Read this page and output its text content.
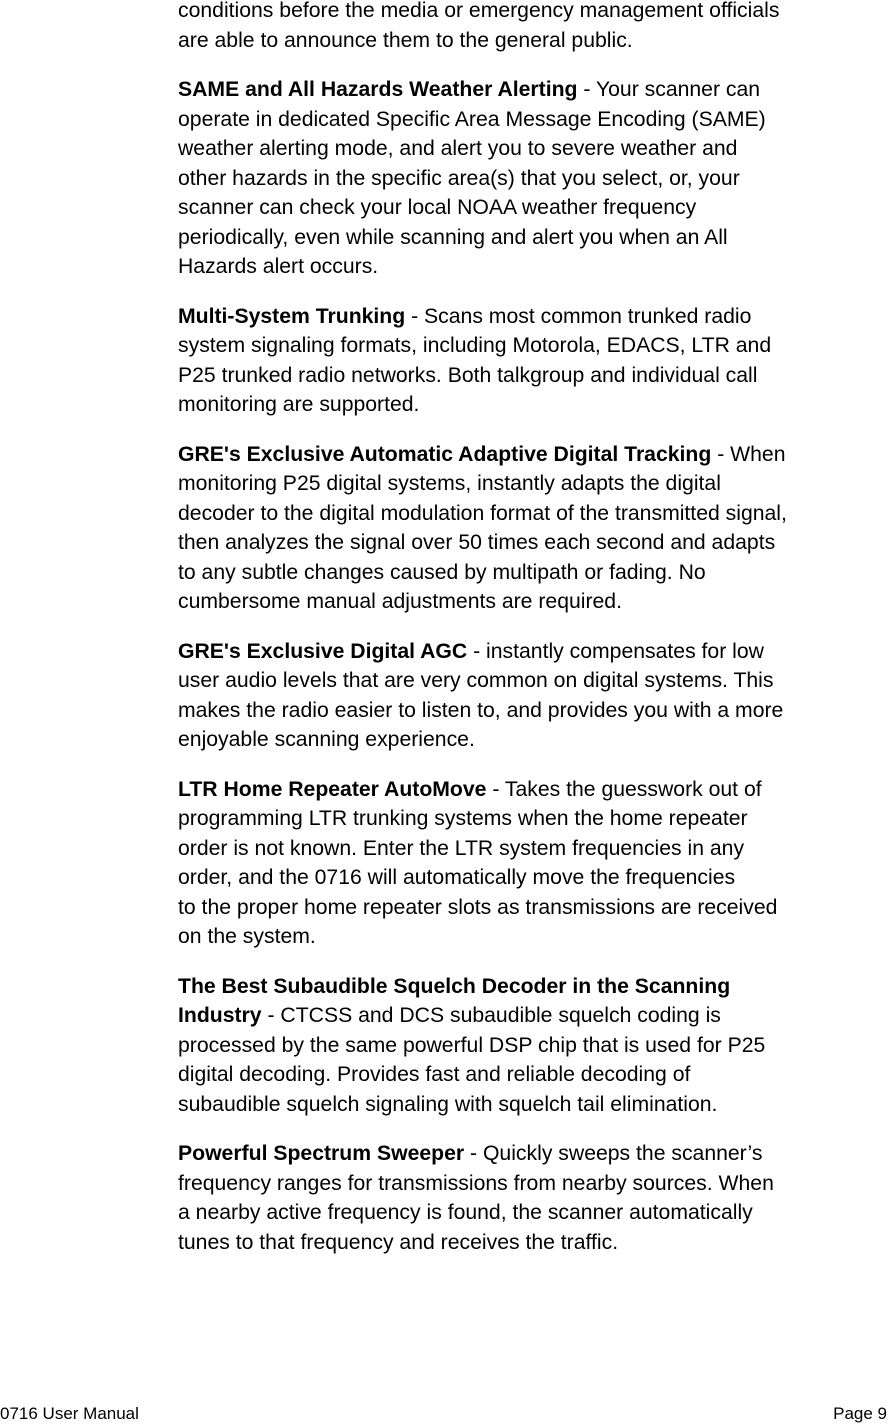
conditions before the media or emergency management officials
are able to announce them to the general public.

SAME and All Hazards Weather Alerting - Your scanner can
operate in dedicated Specific Area Message Encoding (SAME)
weather alerting mode, and alert you to severe weather and
other hazards in the specific area(s) that you select, or, your
scanner can check your local NOAA weather frequency
periodically, even while scanning and alert you when an All
Hazards alert occurs.

Multi-System Trunking - Scans most common trunked radio
system signaling formats, including Motorola, EDACS, LTR and
P25 trunked radio networks. Both talkgroup and individual call
monitoring are supported.

GRE's Exclusive Automatic Adaptive Digital Tracking - When
monitoring P25 digital systems, instantly adapts the digital
decoder to the digital modulation format of the transmitted signal,
then analyzes the signal over 50 times each second and adapts
to any subtle changes caused by multipath or fading. No
cumbersome manual adjustments are required.

GRE's Exclusive Digital AGC - instantly compensates for low
user audio levels that are very common on digital systems. This
makes the radio easier to listen to, and provides you with a more
enjoyable scanning experience.

LTR Home Repeater AutoMove - Takes the guesswork out of
programming LTR trunking systems when the home repeater
order is not known. Enter the LTR system frequencies in any
order, and the 0716 will automatically move the frequencies
to the proper home repeater slots as transmissions are received
on the system.

The Best Subaudible Squelch Decoder in the Scanning
Industry - CTCSS and DCS subaudible squelch coding is
processed by the same powerful DSP chip that is used for P25
digital decoding. Provides fast and reliable decoding of
subaudible squelch signaling with squelch tail elimination.

Powerful Spectrum Sweeper - Quickly sweeps the scanner’s
frequency ranges for transmissions from nearby sources. When
a nearby active frequency is found, the scanner automatically
tunes to that frequency and receives the traffic.

0716 User Manual	Page 9
